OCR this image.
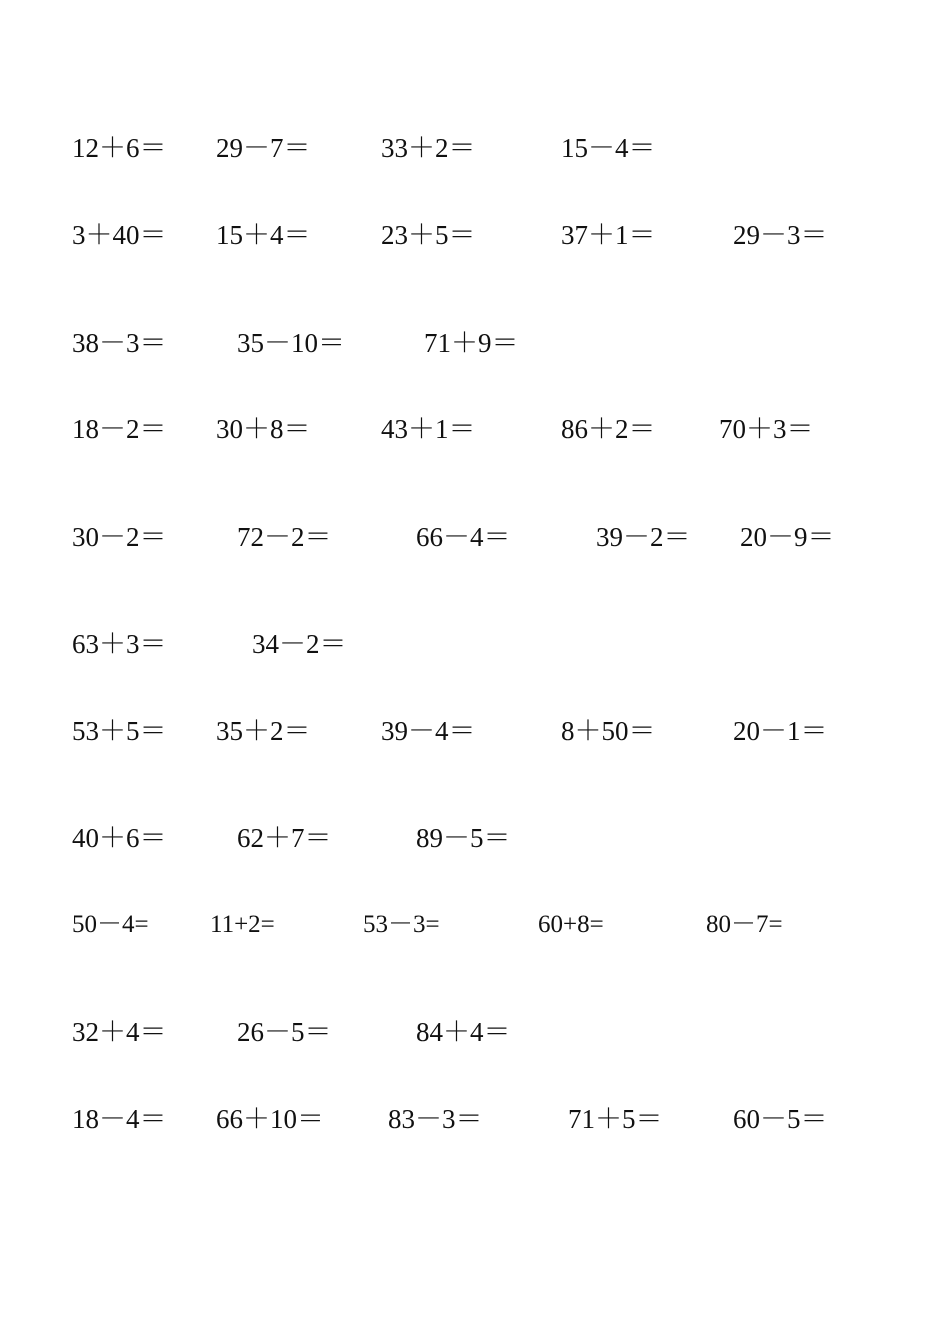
12＋6＝ 29－7＝	33＋2＝	15－4＝
3＋40＝ 15＋4＝	23＋5＝	37＋1＝	29－3＝
38－3＝	35－10＝	71＋9＝
18－2＝ 30＋8＝	43＋1＝	86＋2＝ 70＋3＝
30－2＝	72－2＝	66－4＝	39－2＝ 20－9＝
63＋3＝	34－2＝
53＋5＝ 35＋2＝	39－4＝	8＋50＝	20－1＝
40＋6＝	62＋7＝	89－5＝
50－4= 11+2=	53－3=	60+8=	80－7=
32＋4＝	26－5＝	84＋4＝
18－4＝ 66＋10＝ 83－3＝	71＋5＝	60－5＝
